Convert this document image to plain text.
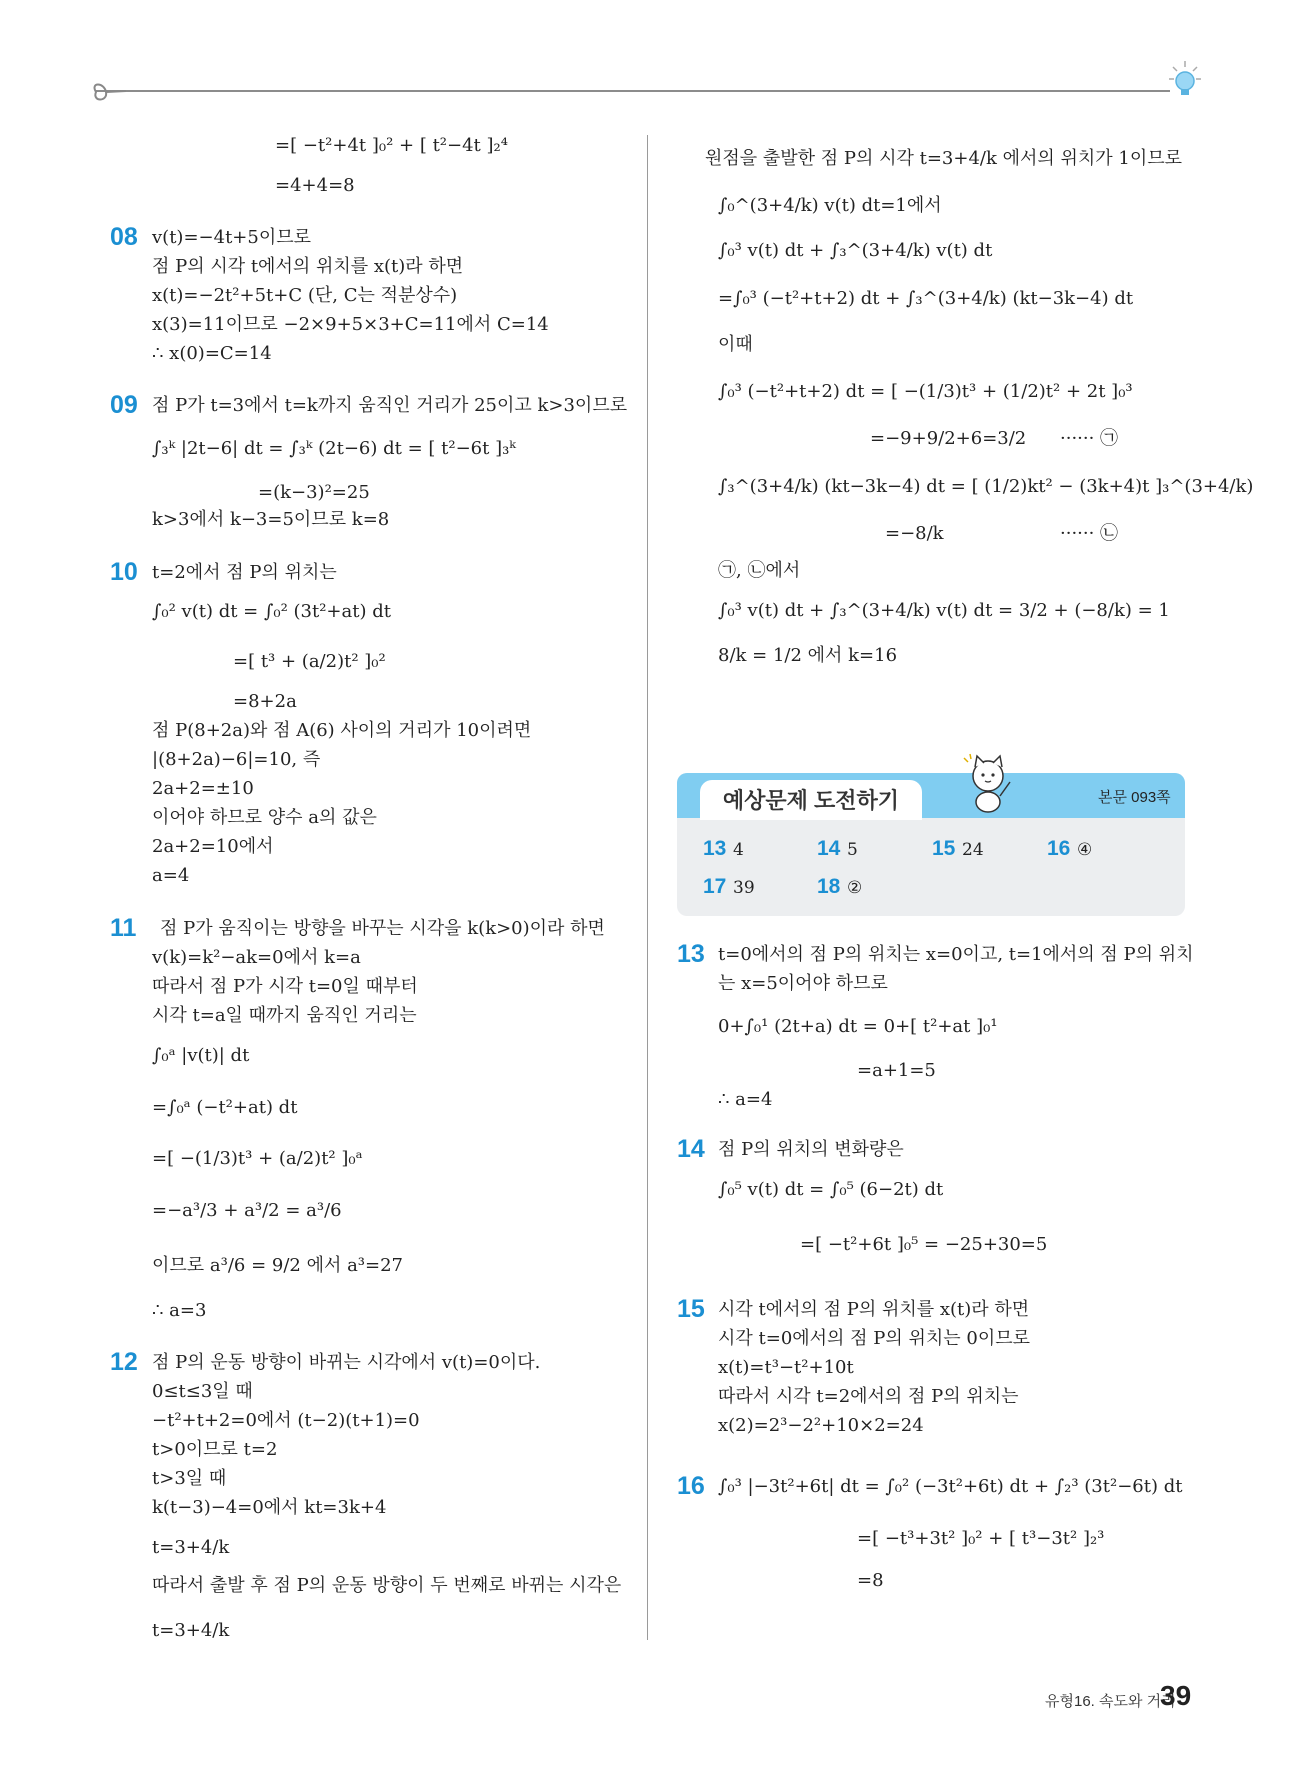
=[ −t²+4t ]₀² + [ t²−4t ]₂⁴
=4+4=8
08 v(t)=−4t+5이므로
점 P의 시각 t에서의 위치를 x(t)라 하면
x(t)=−2t²+5t+C (단, C는 적분상수)
x(3)=11이므로 −2×9+5×3+C=11에서 C=14
∴ x(0)=C=14
09 점 P가 t=3에서 t=k까지 움직인 거리가 25이고 k>3이므로
∫₃ᵏ |2t−6| dt = ∫₃ᵏ (2t−6) dt = [ t²−6t ]₃ᵏ
=(k−3)²=25
k>3에서 k−3=5이므로 k=8
10 t=2에서 점 P의 위치는
∫₀² v(t) dt = ∫₀² (3t²+at) dt
=[ t³ + (a/2)t² ]₀²
=8+2a
점 P(8+2a)와 점 A(6) 사이의 거리가 10이려면
|(8+2a)−6|=10, 즉
2a+2=±10
이어야 하므로 양수 a의 값은
2a+2=10에서
a=4
11 점 P가 움직이는 방향을 바꾸는 시각을 k(k>0)이라 하면
v(k)=k²−ak=0에서 k=a
따라서 점 P가 시각 t=0일 때부터
시각 t=a일 때까지 움직인 거리는
∫₀ᵃ |v(t)| dt
=∫₀ᵃ (−t²+at) dt
=[ −(1/3)t³ + (a/2)t² ]₀ᵃ
=−a³/3 + a³/2 = a³/6
이므로 a³/6 = 9/2 에서 a³=27
∴ a=3
12 점 P의 운동 방향이 바뀌는 시각에서 v(t)=0이다.
0≤t≤3일 때
−t²+t+2=0에서 (t−2)(t+1)=0
t>0이므로 t=2
t>3일 때
k(t−3)−4=0에서 kt=3k+4
t=3+4/k
따라서 출발 후 점 P의 운동 방향이 두 번째로 바뀌는 시각은
t=3+4/k
원점을 출발한 점 P의 시각 t=3+4/k 에서의 위치가 1이므로
∫₀^(3+4/k) v(t) dt=1에서
∫₀³ v(t) dt + ∫₃^(3+4/k) v(t) dt
=∫₀³ (−t²+t+2) dt + ∫₃^(3+4/k) (kt−3k−4) dt
이때
∫₀³ (−t²+t+2) dt = [ −(1/3)t³ + (1/2)t² + 2t ]₀³
=−9+9/2+6=3/2 ······ ㉠
∫₃^(3+4/k) (kt−3k−4) dt = [ (1/2)kt² − (3k+4)t ]₃^(3+4/k)
=−8/k	······ ㉡
㉠, ㉡에서
∫₀³ v(t) dt + ∫₃^(3+4/k) v(t) dt = 3/2 + (−8/k) = 1
8/k = 1/2 에서 k=16
예상문제 도전하기	본문 093쪽
13 4	14 5	15 24	16 ④
17 39	18 ②
13 t=0에서의 점 P의 위치는 x=0이고, t=1에서의 점 P의 위치
는 x=5이어야 하므로
0+∫₀¹ (2t+a) dt = 0+[ t²+at ]₀¹
=a+1=5
∴ a=4
14 점 P의 위치의 변화량은
∫₀⁵ v(t) dt = ∫₀⁵ (6−2t) dt
=[ −t²+6t ]₀⁵ = −25+30=5
15 시각 t에서의 점 P의 위치를 x(t)라 하면
시각 t=0에서의 점 P의 위치는 0이므로
x(t)=t³−t²+10t
따라서 시각 t=2에서의 점 P의 위치는
x(2)=2³−2²+10×2=24
16 ∫₀³ |−3t²+6t| dt = ∫₀² (−3t²+6t) dt + ∫₂³ (3t²−6t) dt
=[ −t³+3t² ]₀² + [ t³−3t² ]₂³
=8
유형16. 속도와 거리
39
